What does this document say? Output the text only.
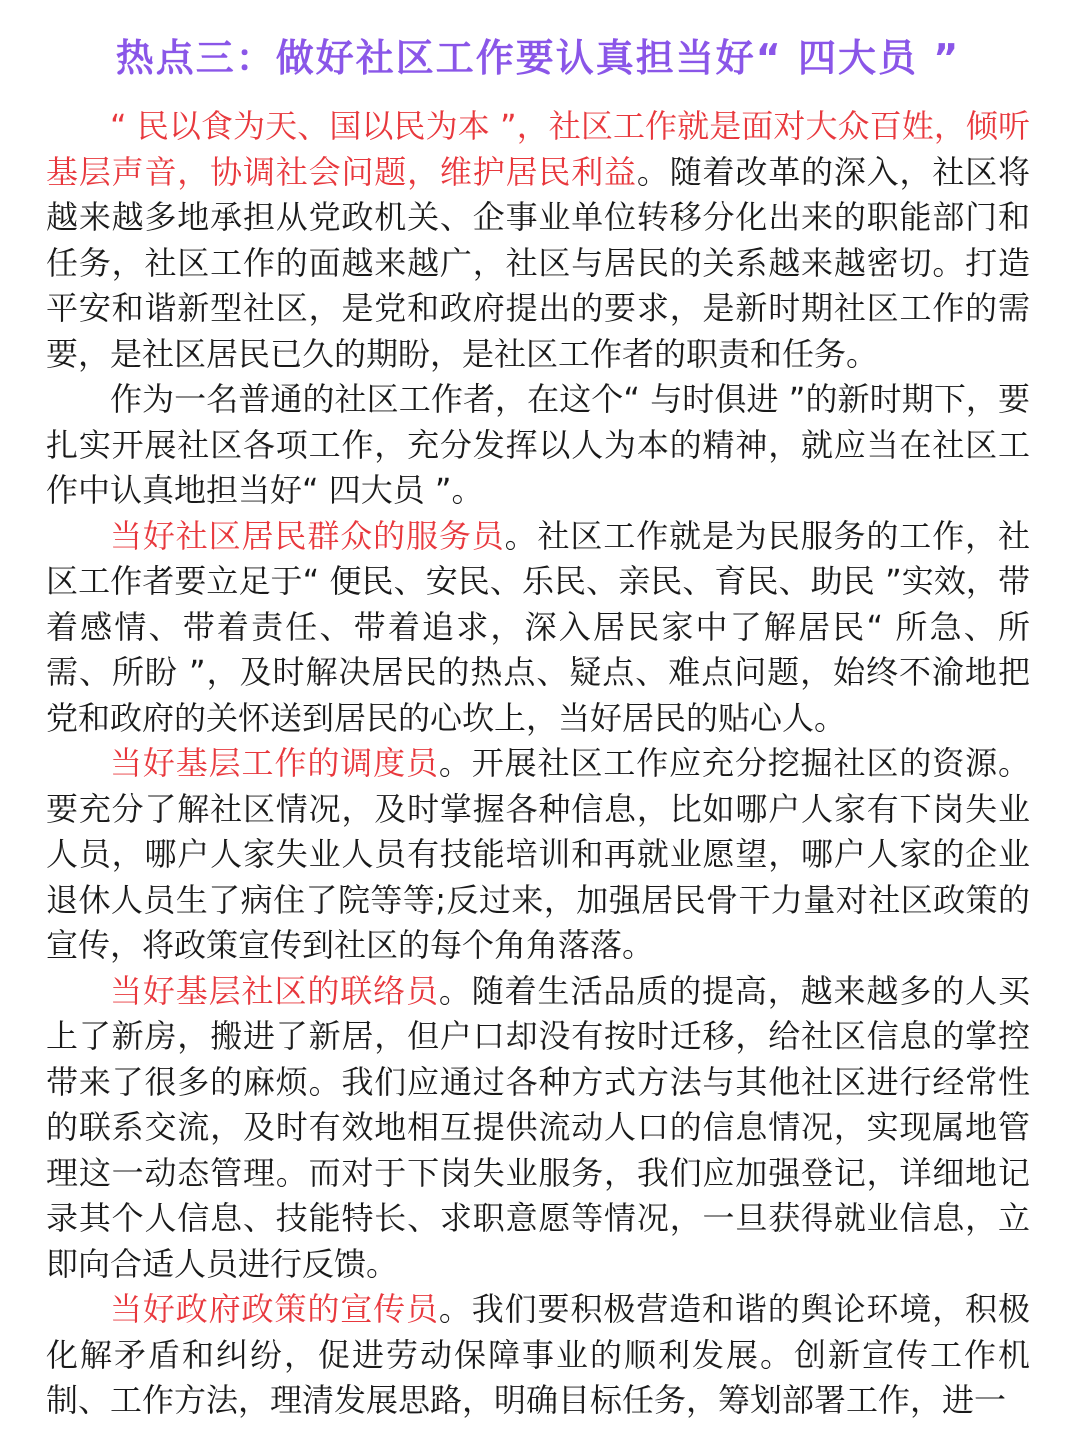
热点三：做好社区工作要认真担当好“ 四大员 ”

“ 民以食为天、国以民为本 ”，社区工作就是面对大众百姓，倾听基层声音，协调社会问题，维护居民利益。随着改革的深入，社区将越来越多地承担从党政机关、企事业单位转移分化出来的职能部门和任务，社区工作的面越来越广，社区与居民的关系越来越密切。打造平安和谐新型社区，是党和政府提出的要求，是新时期社区工作的需要，是社区居民已久的期盼，是社区工作者的职责和任务。

作为一名普通的社区工作者，在这个“ 与时俱进 ”的新时期下，要扎实开展社区各项工作，充分发挥以人为本的精神，就应当在社区工作中认真地担当好“ 四大员 ”。

当好社区居民群众的服务员。社区工作就是为民服务的工作，社区工作者要立足于“ 便民、安民、乐民、亲民、育民、助民 ”实效，带着感情、带着责任、带着追求，深入居民家中了解居民“ 所急、所需、所盼 ”，及时解决居民的热点、疑点、难点问题，始终不渝地把党和政府的关怀送到居民的心坎上，当好居民的贴心人。

当好基层工作的调度员。开展社区工作应充分挖掘社区的资源。要充分了解社区情况，及时掌握各种信息，比如哪户人家有下岗失业人员，哪户人家失业人员有技能培训和再就业愿望，哪户人家的企业退休人员生了病住了院等等;反过来，加强居民骨干力量对社区政策的宣传，将政策宣传到社区的每个角角落落。

当好基层社区的联络员。随着生活品质的提高，越来越多的人买上了新房，搬进了新居，但户口却没有按时迁移，给社区信息的掌控带来了很多的麻烦。我们应通过各种方式方法与其他社区进行经常性的联系交流，及时有效地相互提供流动人口的信息情况，实现属地管理这一动态管理。而对于下岗失业服务，我们应加强登记，详细地记录其个人信息、技能特长、求职意愿等情况，一旦获得就业信息，立即向合适人员进行反馈。

当好政府政策的宣传员。我们要积极营造和谐的舆论环境，积极化解矛盾和纠纷，促进劳动保障事业的顺利发展。创新宣传工作机制、工作方法，理清发展思路，明确目标任务，筹划部署工作，进一
